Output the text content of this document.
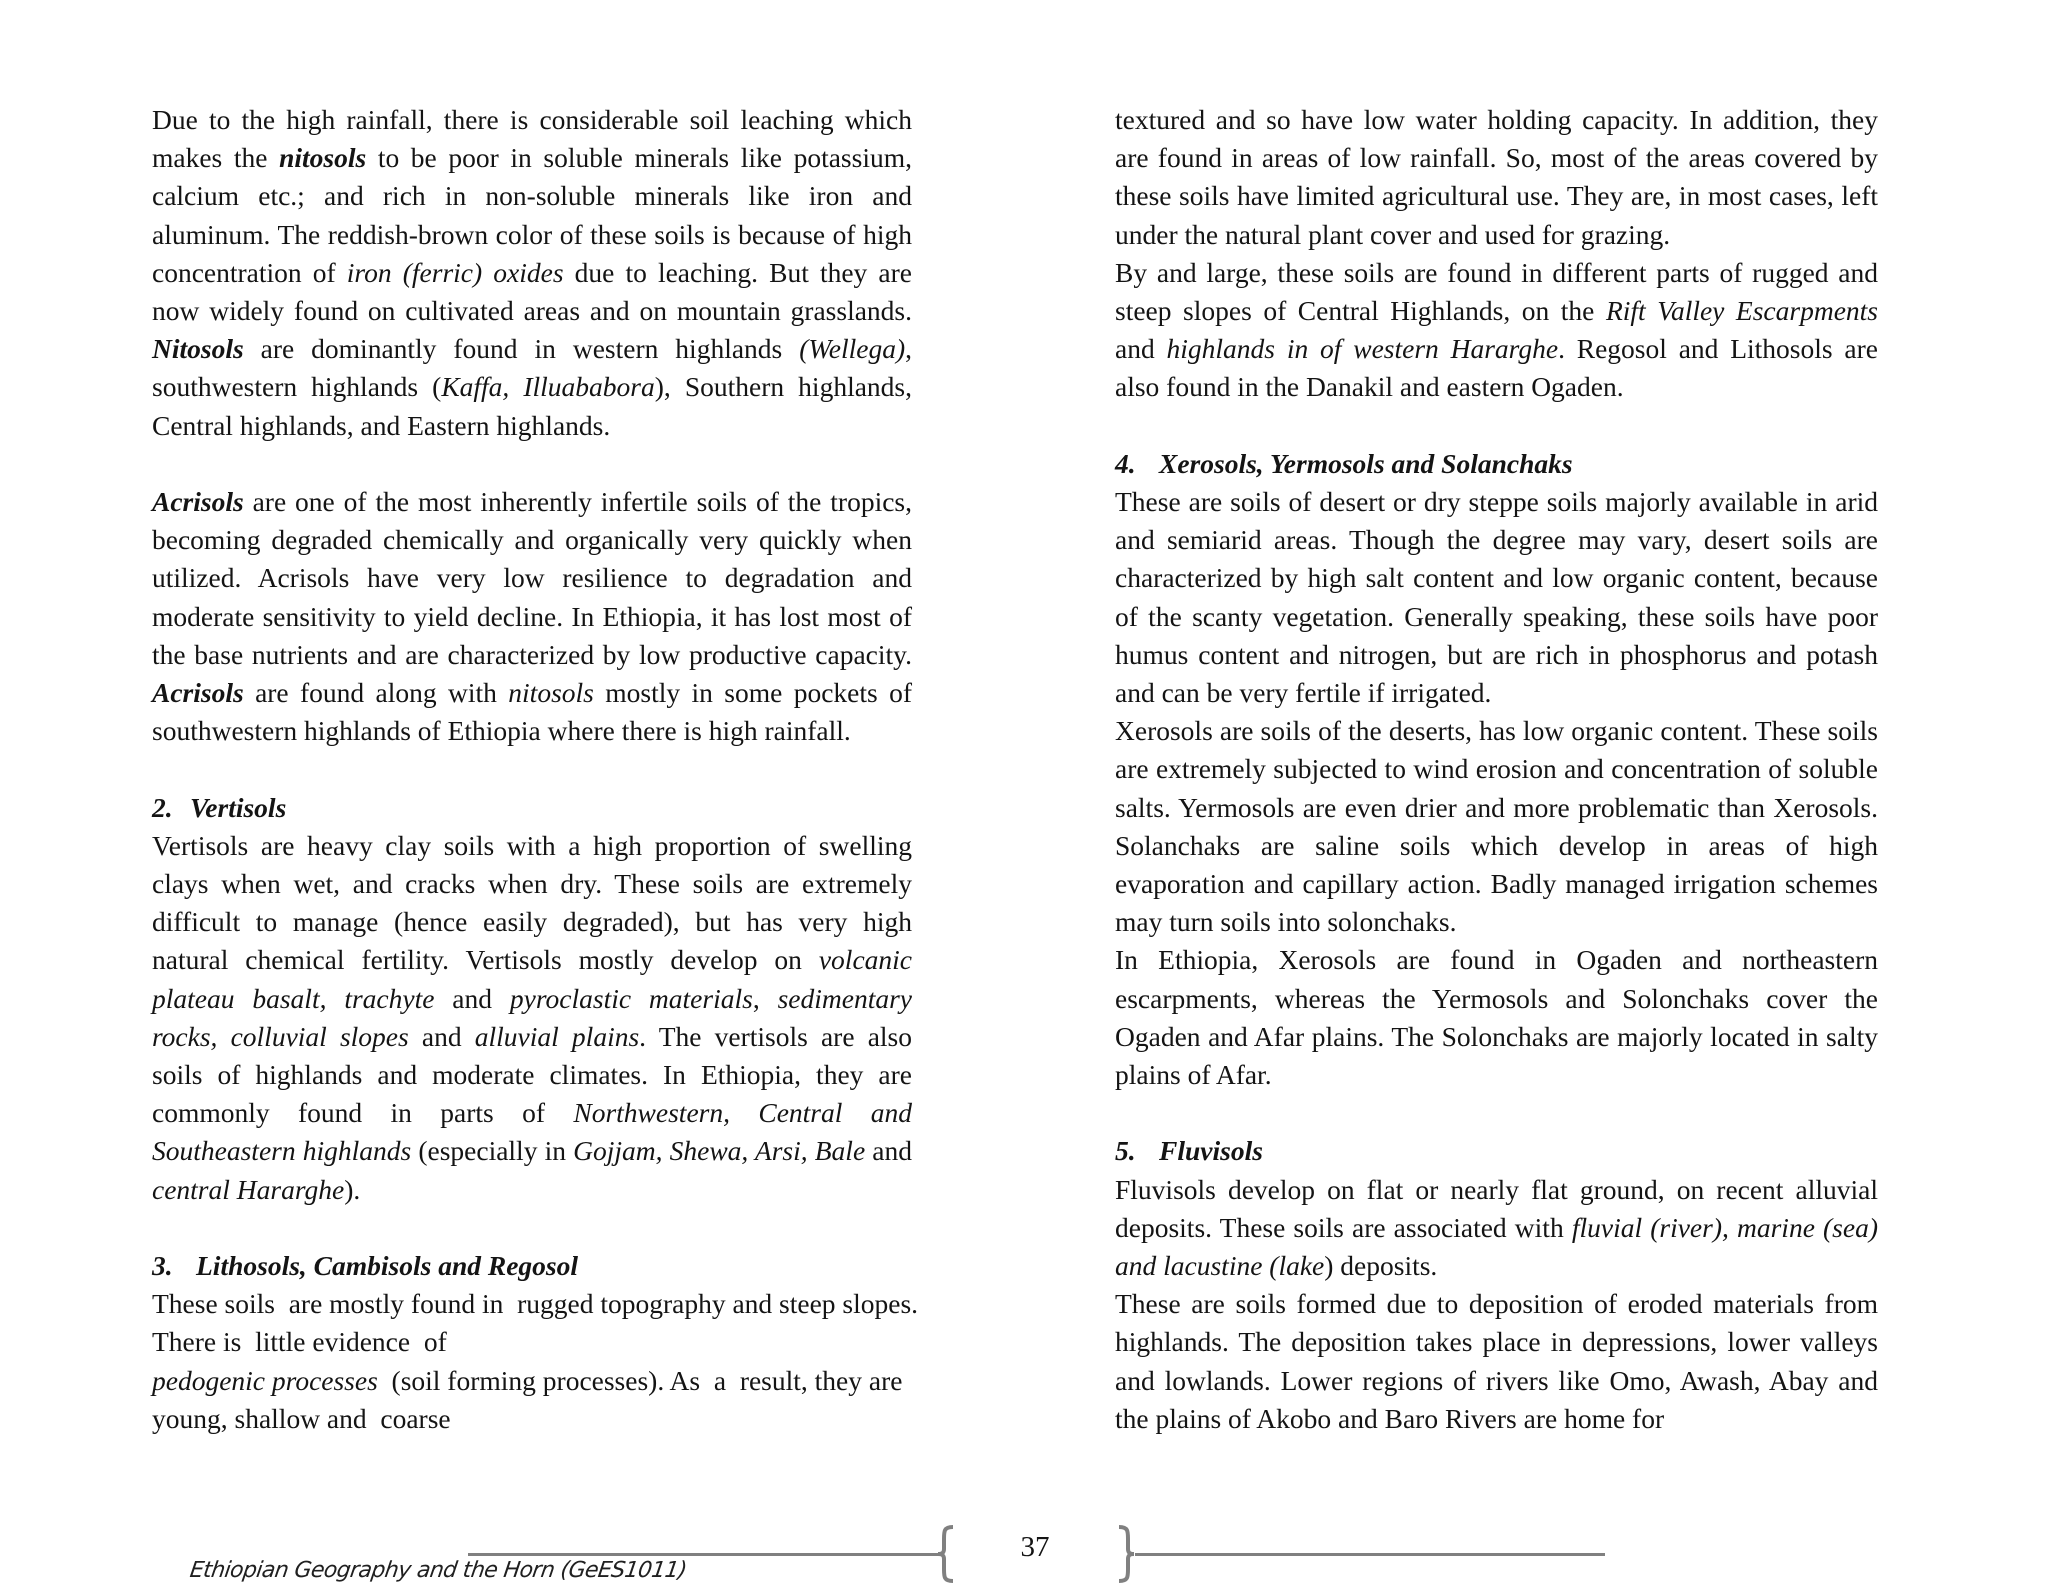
Due to the high rainfall, there is considerable soil leaching which makes the nitosols to be poor in soluble minerals like potassium, calcium etc.; and rich in non-soluble minerals like iron and aluminum. The reddish-brown color of these soils is because of high concentration of iron (ferric) oxides due to leaching. But they are now widely found on cultivated areas and on mountain grasslands. Nitosols are dominantly found in western highlands (Wellega), southwestern highlands (Kaffa, Illuababora), Southern highlands, Central highlands, and Eastern highlands.

Acrisols are one of the most inherently infertile soils of the tropics, becoming degraded chemically and organically very quickly when utilized. Acrisols have very low resilience to degradation and moderate sensitivity to yield decline. In Ethiopia, it has lost most of the base nutrients and are characterized by low productive capacity. Acrisols are found along with nitosols mostly in some pockets of southwestern highlands of Ethiopia where there is high rainfall.

2. Vertisols

Vertisols are heavy clay soils with a high proportion of swelling clays when wet, and cracks when dry. These soils are extremely difficult to manage (hence easily degraded), but has very high natural chemical fertility. Vertisols mostly develop on volcanic plateau basalt, trachyte and pyroclastic materials, sedimentary rocks, colluvial slopes and alluvial plains. The vertisols are also soils of highlands and moderate climates. In Ethiopia, they are commonly found in parts of Northwestern, Central and Southeastern highlands (especially in Gojjam, Shewa, Arsi, Bale and central Hararghe).

3. Lithosols, Cambisols and Regosol

These soils  are mostly found in  rugged topography and steep slopes.
There is  little evidence  of
pedogenic processes  (soil forming processes). As  a  result, they are
young, shallow and  coarse

textured and so have low water holding capacity. In addition, they are found in areas of low rainfall. So, most of the areas covered by these soils have limited agricultural use. They are, in most cases, left under the natural plant cover and used for grazing.

By and large, these soils are found in different parts of rugged and steep slopes of Central Highlands, on the Rift Valley Escarpments and highlands in of western Hararghe. Regosol and Lithosols are also found in the Danakil and eastern Ogaden.

4. Xerosols, Yermosols and Solanchaks

These are soils of desert or dry steppe soils majorly available in arid and semiarid areas. Though the degree may vary, desert soils are characterized by high salt content and low organic content, because of the scanty vegetation. Generally speaking, these soils have poor humus content and nitrogen, but are rich in phosphorus and potash and can be very fertile if irrigated.

Xerosols are soils of the deserts, has low organic content. These soils are extremely subjected to wind erosion and concentration of soluble salts. Yermosols are even drier and more problematic than Xerosols. Solanchaks are saline soils which develop in areas of high evaporation and capillary action. Badly managed irrigation schemes may turn soils into solonchaks.

In Ethiopia, Xerosols are found in Ogaden and northeastern escarpments, whereas the Yermosols and Solonchaks cover the Ogaden and Afar plains. The Solonchaks are majorly located in salty plains of Afar.

5. Fluvisols

Fluvisols develop on flat or nearly flat ground, on recent alluvial deposits. These soils are associated with fluvial (river), marine (sea) and lacustine (lake) deposits.

These are soils formed due to deposition of eroded materials from highlands. The deposition takes place in depressions, lower valleys and lowlands. Lower regions of rivers like Omo, Awash, Abay and the plains of Akobo and Baro Rivers are home for

37
Ethiopian Geography and the Horn (GeES1011)
